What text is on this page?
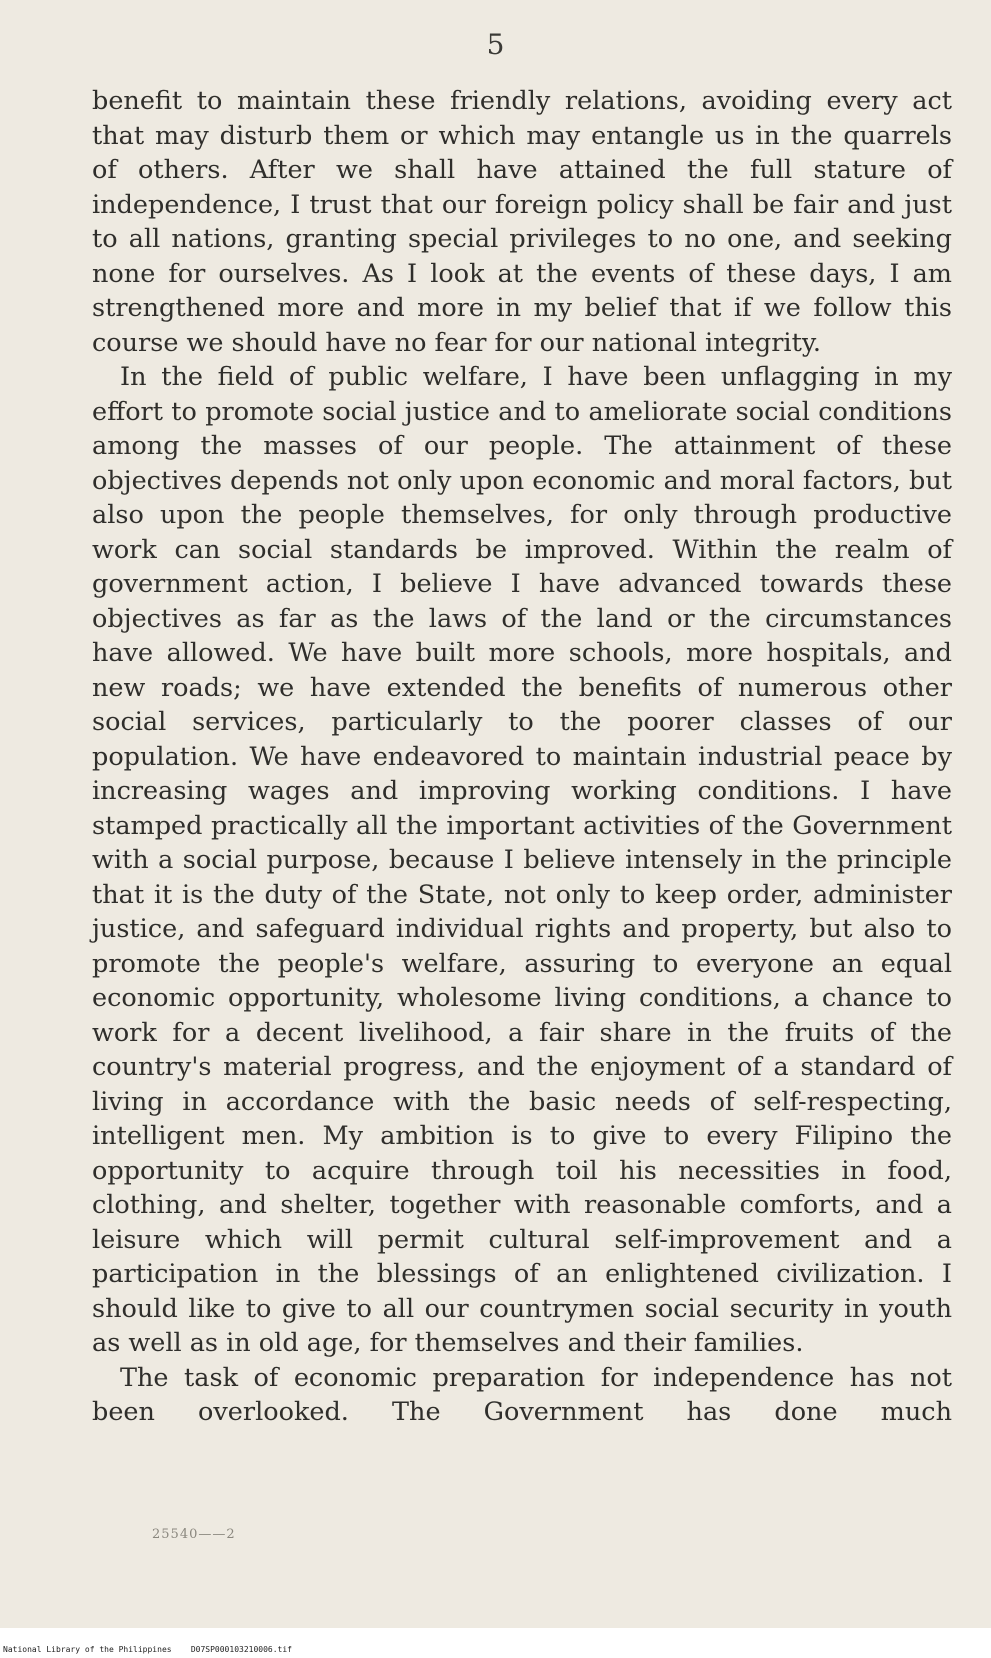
5

benefit to maintain these friendly relations, avoiding every act that may disturb them or which may entangle us in the quarrels of others. After we shall have attained the full stature of independence, I trust that our foreign policy shall be fair and just to all nations, granting special privileges to no one, and seeking none for ourselves. As I look at the events of these days, I am strengthened more and more in my belief that if we follow this course we should have no fear for our national integrity.

In the field of public welfare, I have been unflagging in my effort to promote social justice and to ameliorate social conditions among the masses of our people. The attainment of these objectives depends not only upon economic and moral factors, but also upon the people themselves, for only through productive work can social standards be improved. Within the realm of government action, I believe I have advanced towards these objectives as far as the laws of the land or the circumstances have allowed. We have built more schools, more hospitals, and new roads; we have extended the benefits of numerous other social services, particularly to the poorer classes of our population. We have endeavored to maintain industrial peace by increasing wages and improving working conditions. I have stamped practically all the important activities of the Government with a social purpose, because I believe intensely in the principle that it is the duty of the State, not only to keep order, administer justice, and safeguard individual rights and property, but also to promote the people's welfare, assuring to everyone an equal economic opportunity, wholesome living conditions, a chance to work for a decent livelihood, a fair share in the fruits of the country's material progress, and the enjoyment of a standard of living in accordance with the basic needs of self-respecting, intelligent men. My ambition is to give to every Filipino the opportunity to acquire through toil his necessities in food, clothing, and shelter, together with reasonable comforts, and a leisure which will permit cultural self-improvement and a participation in the blessings of an enlightened civilization. I should like to give to all our countrymen social security in youth as well as in old age, for themselves and their families.

The task of economic preparation for independence has not been overlooked. The Government has done much

25540——2
National Library of the Philippines D07SP000103210006.tif
